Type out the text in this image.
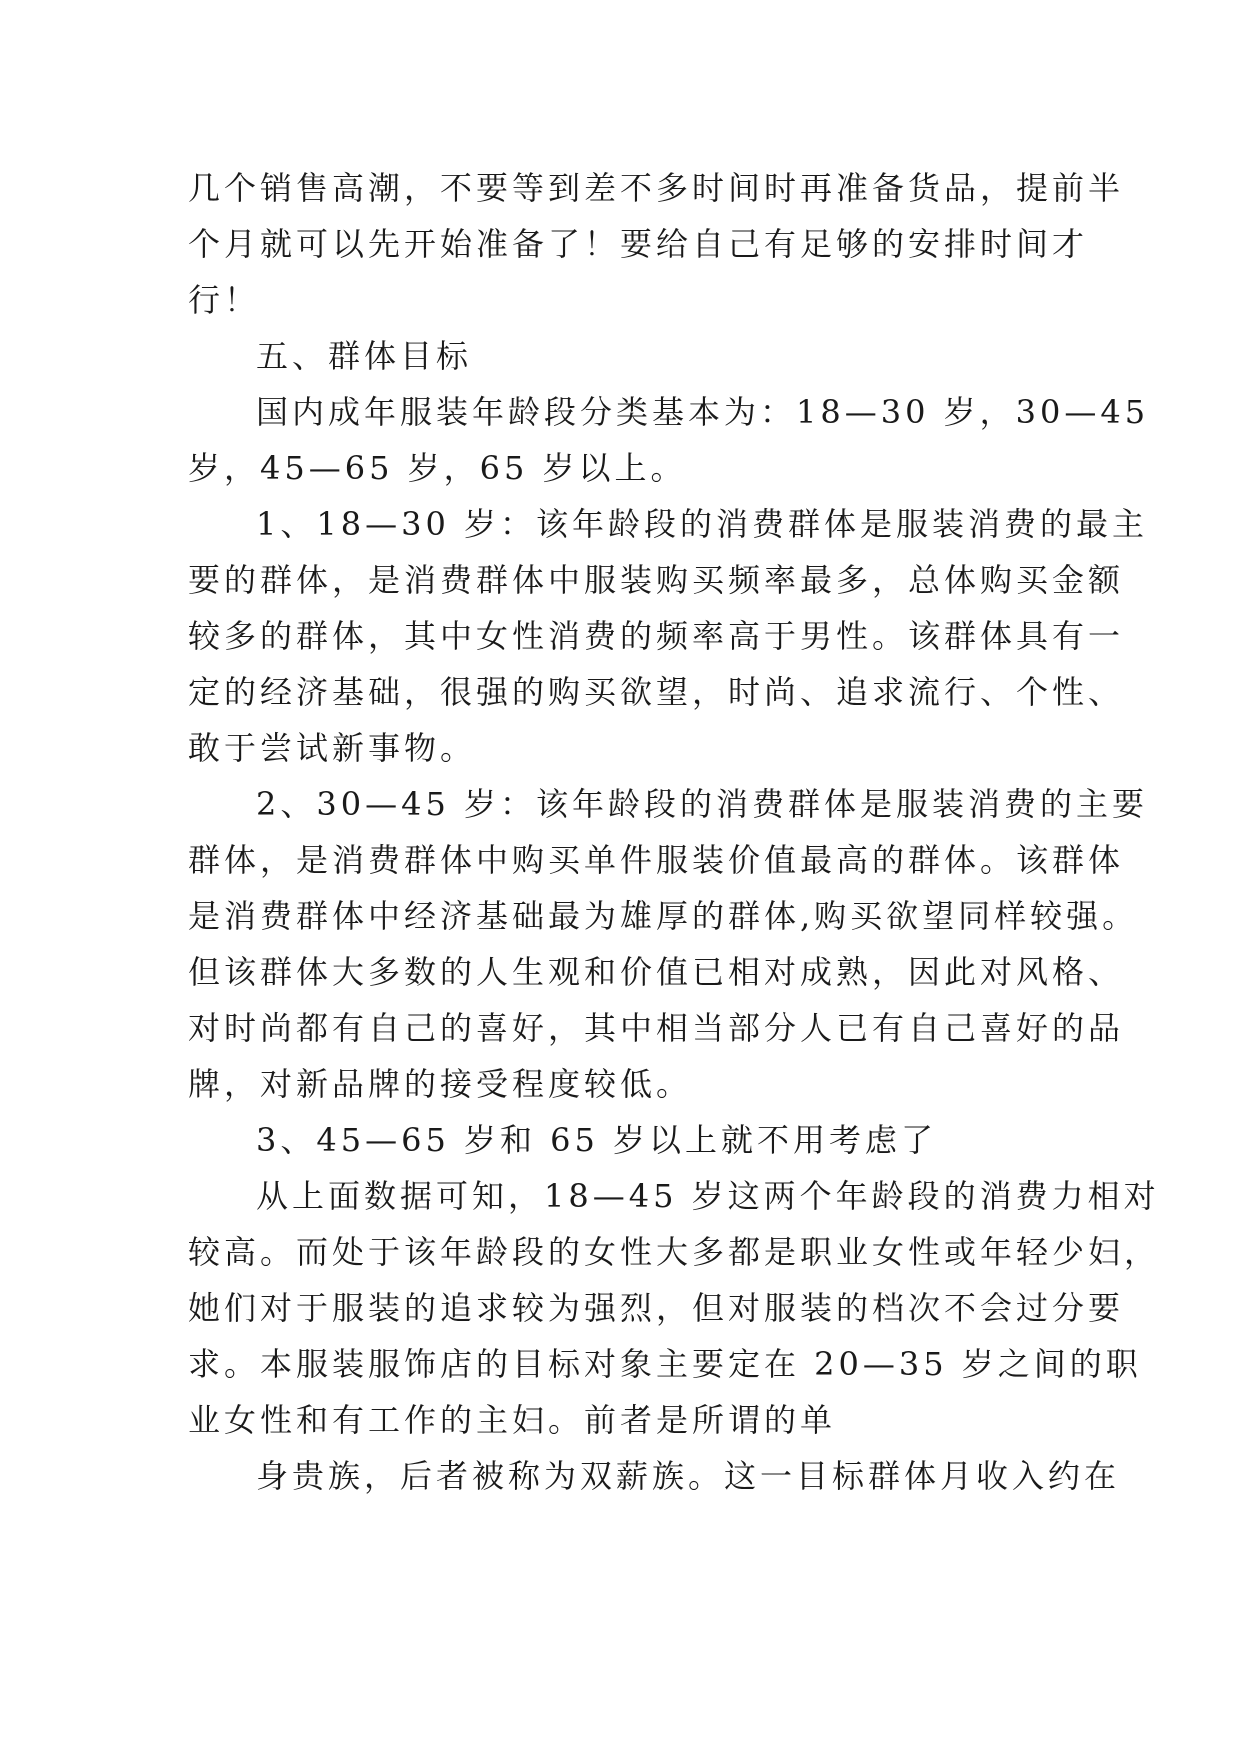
几个销售高潮，不要等到差不多时间时再准备货品，提前半
个月就可以先开始准备了！要给自己有足够的安排时间才
行！

五、群体目标

国内成年服装年龄段分类基本为：18—30 岁，30—45
岁，45—65 岁，65 岁以上。

1、18—30 岁：该年龄段的消费群体是服装消费的最主
要的群体，是消费群体中服装购买频率最多，总体购买金额
较多的群体，其中女性消费的频率高于男性。该群体具有一
定的经济基础，很强的购买欲望，时尚、追求流行、个性、
敢于尝试新事物。

2、30—45 岁：该年龄段的消费群体是服装消费的主要
群体，是消费群体中购买单件服装价值最高的群体。该群体
是消费群体中经济基础最为雄厚的群体,购买欲望同样较强。
但该群体大多数的人生观和价值已相对成熟，因此对风格、
对时尚都有自己的喜好，其中相当部分人已有自己喜好的品
牌，对新品牌的接受程度较低。

3、45—65 岁和 65 岁以上就不用考虑了

从上面数据可知，18—45 岁这两个年龄段的消费力相对
较高。而处于该年龄段的女性大多都是职业女性或年轻少妇，
她们对于服装的追求较为强烈，但对服装的档次不会过分要
求。本服装服饰店的目标对象主要定在 20—35 岁之间的职
业女性和有工作的主妇。前者是所谓的单

身贵族，后者被称为双薪族。这一目标群体月收入约在
